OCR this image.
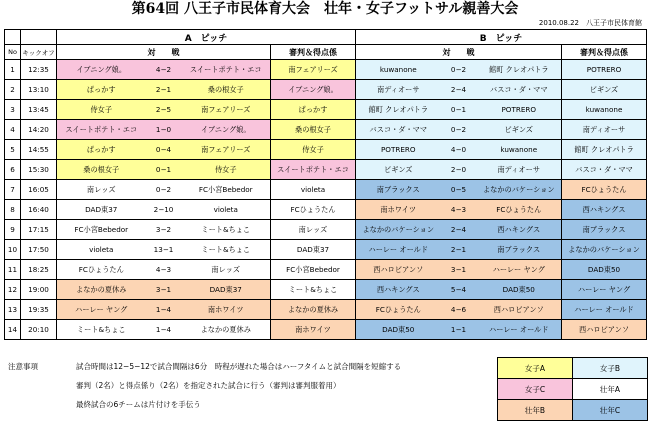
第64回 八王子市民体育大会　壮年・女子フットサル親善大会
2010.08.22　八王子市民体育館
		A　ピッチ		B　ピッチ	
No	キックオフ	対　　戦	審判＆得点係	対　　戦	審判＆得点係
1	12:35	イブニング娘。 4−2 スイートポテト・エコ	南フェアリーズ	kuwanone 0−2 館町 クレオパトラ	POTRERO
2	13:10	ぱっかす 2−1 桑の根女子	イブニング娘。	南ディオーサ 2−4 バスコ・ダ・ママ	ビギンズ
3	13:45	侍女子 2−5 南フェアリーズ	ぱっかす	館町 クレオパトラ 0−1 POTRERO	kuwanone
4	14:20	スイートポテト・エコ 1−0 イブニング娘。	桑の根女子	バスコ・ダ・ママ 0−2 ビギンズ	南ディオーサ
5	14:55	ぱっかす 0−4 南フェアリーズ	侍女子	POTRERO 4−0 kuwanone	館町 クレオパトラ
6	15:30	桑の根女子 0−1 侍女子	スイートポテト・エコ	ビギンズ 2−0 南ディオーサ	バスコ・ダ・ママ
7	16:05	南レッズ 0−2 FC小宮Bebedor	violeta	南ブラックス 0−5 よなかのバケーション	FCひょうたん
8	16:40	DAD東37 2−10 violeta	FCひょうたん	南ホワイツ 4−3 FCひょうたん	西ハキングス
9	17:15	FC小宮Bebedor 3−2 ミート&ちょこ	南レッズ	よなかのバケーション 2−4 西ハキングス	南ブラックス
10	17:50	violeta 13−1 ミート&ちょこ	DAD東37	ハーレー オールド 2−1 南ブラックス	よなかのバケーション
11	18:25	FCひょうたん 4−3 南レッズ	FC小宮Bebedor	西ハロビアンソ 3−1 ハーレー ヤング	DAD東50
12	19:00	よなかの夏休み 3−1 DAD東37	ミート&ちょこ	西ハキングス 5−4 DAD東50	ハーレー ヤング
13	19:35	ハーレー ヤング 1−4 南ホワイツ	よなかの夏休み	FCひょうたん 4−6 西ハロビアンソ	ハーレー オールド
14	20:10	ミート&ちょこ 1−4 よなかの夏休み	南ホワイツ	DAD東50 1−1 ハーレー オールド	西ハロビアンソ
注意事項	試合時間は12−5−12で試合間隔は6分　時程が遅れた場合はハーフタイムと試合間隔を短縮する
審判（2名）と得点係り（2名）を指定された試合に行う（審判は審判服着用）
最終試合の6チームは片付けを手伝う
女子A	女子B
女子C	壮年A
壮年B	壮年C
